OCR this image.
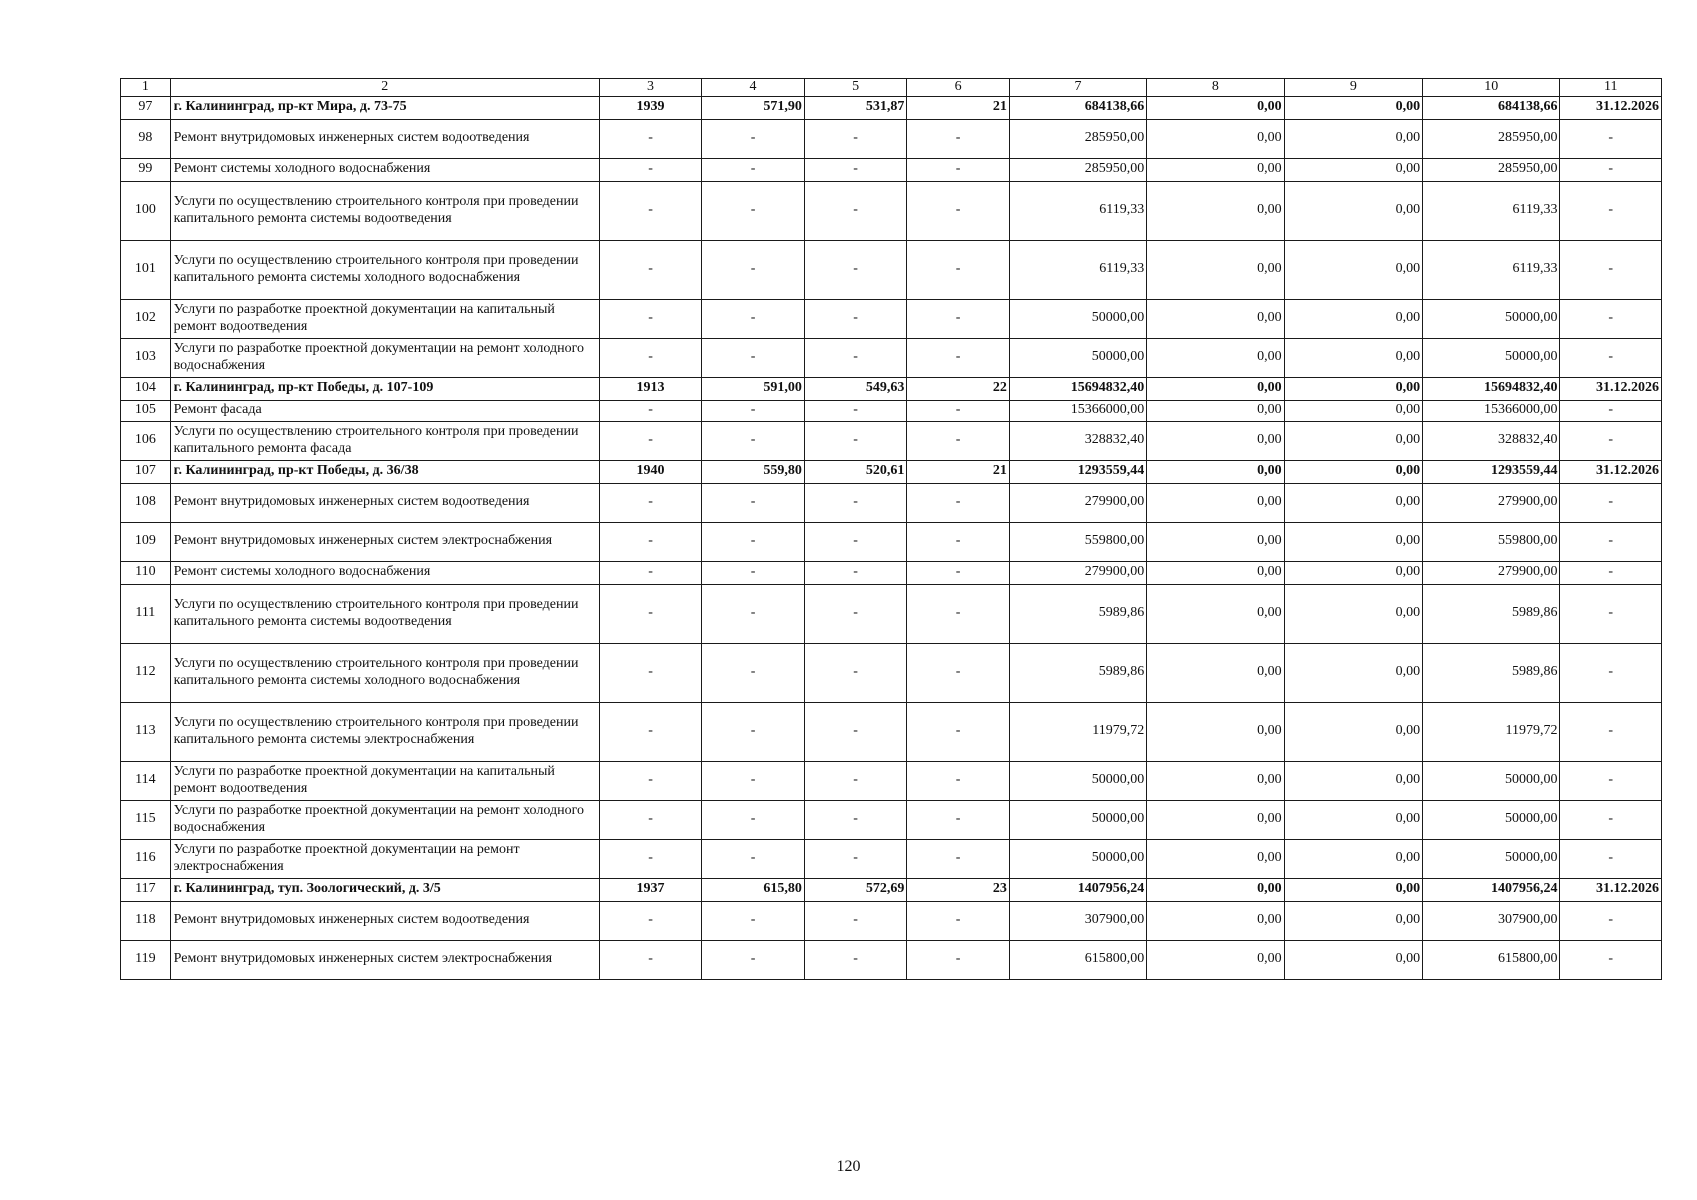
1	2	3	4	5	6	7	8	9	10	11
97	г. Калининград, пр-кт Мира, д. 73-75	1939	571,90	531,87	21	684138,66	0,00	0,00	684138,66	31.12.2026
98	Ремонт внутридомовых инженерных систем водоотведения	-	-	-	-	285950,00	0,00	0,00	285950,00	-
99	Ремонт системы холодного водоснабжения	-	-	-	-	285950,00	0,00	0,00	285950,00	-
100	Услуги по осуществлению строительного контроля при проведении капитального ремонта системы водоотведения	-	-	-	-	6119,33	0,00	0,00	6119,33	-
101	Услуги по осуществлению строительного контроля при проведении капитального ремонта системы холодного водоснабжения	-	-	-	-	6119,33	0,00	0,00	6119,33	-
102	Услуги по разработке проектной документации на капитальный ремонт водоотведения	-	-	-	-	50000,00	0,00	0,00	50000,00	-
103	Услуги по разработке проектной документации на ремонт холодного водоснабжения	-	-	-	-	50000,00	0,00	0,00	50000,00	-
104	г. Калининград, пр-кт Победы, д. 107-109	1913	591,00	549,63	22	15694832,40	0,00	0,00	15694832,40	31.12.2026
105	Ремонт фасада	-	-	-	-	15366000,00	0,00	0,00	15366000,00	-
106	Услуги по осуществлению строительного контроля при проведении капитального ремонта фасада	-	-	-	-	328832,40	0,00	0,00	328832,40	-
107	г. Калининград, пр-кт Победы, д. 36/38	1940	559,80	520,61	21	1293559,44	0,00	0,00	1293559,44	31.12.2026
108	Ремонт внутридомовых инженерных систем водоотведения	-	-	-	-	279900,00	0,00	0,00	279900,00	-
109	Ремонт внутридомовых инженерных систем электроснабжения	-	-	-	-	559800,00	0,00	0,00	559800,00	-
110	Ремонт системы холодного водоснабжения	-	-	-	-	279900,00	0,00	0,00	279900,00	-
111	Услуги по осуществлению строительного контроля при проведении капитального ремонта системы водоотведения	-	-	-	-	5989,86	0,00	0,00	5989,86	-
112	Услуги по осуществлению строительного контроля при проведении капитального ремонта системы холодного водоснабжения	-	-	-	-	5989,86	0,00	0,00	5989,86	-
113	Услуги по осуществлению строительного контроля при проведении капитального ремонта системы электроснабжения	-	-	-	-	11979,72	0,00	0,00	11979,72	-
114	Услуги по разработке проектной документации на капитальный ремонт водоотведения	-	-	-	-	50000,00	0,00	0,00	50000,00	-
115	Услуги по разработке проектной документации на ремонт холодного водоснабжения	-	-	-	-	50000,00	0,00	0,00	50000,00	-
116	Услуги по разработке проектной документации на ремонт электроснабжения	-	-	-	-	50000,00	0,00	0,00	50000,00	-
117	г. Калининград, туп. Зоологический, д. 3/5	1937	615,80	572,69	23	1407956,24	0,00	0,00	1407956,24	31.12.2026
118	Ремонт внутридомовых инженерных систем водоотведения	-	-	-	-	307900,00	0,00	0,00	307900,00	-
119	Ремонт внутридомовых инженерных систем электроснабжения	-	-	-	-	615800,00	0,00	0,00	615800,00	-
120
